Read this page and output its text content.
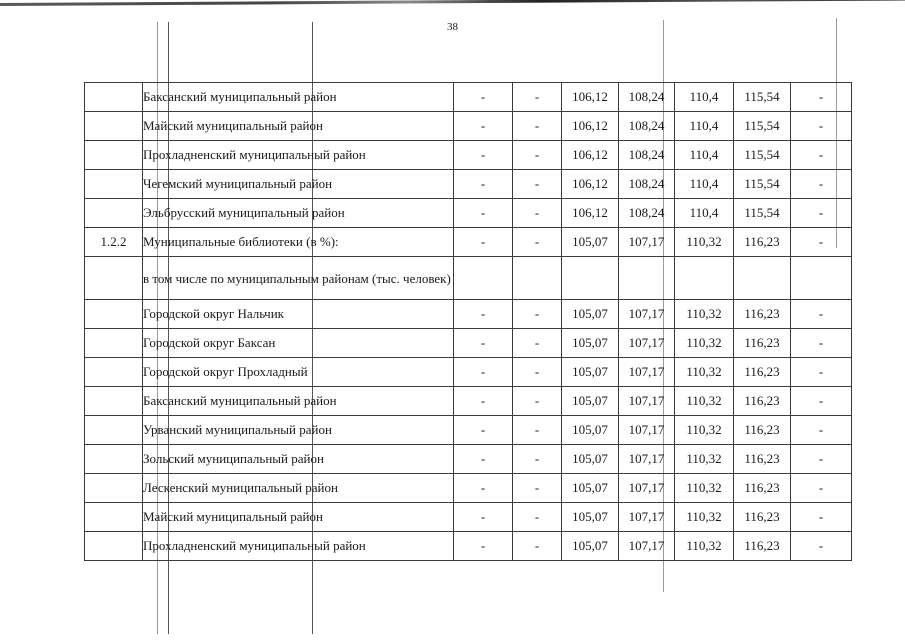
38
	Баксанский муниципальный район	-	-	106,12	108,24	110,4	115,54	-
	Майский муниципальный район	-	-	106,12	108,24	110,4	115,54	-
	Прохладненский муниципальный район	-	-	106,12	108,24	110,4	115,54	-
	Чегемский муниципальный район	-	-	106,12	108,24	110,4	115,54	-
	Эльбрусский муниципальный район	-	-	106,12	108,24	110,4	115,54	-
1.2.2	Муниципальные библиотеки (в %):	-	-	105,07	107,17	110,32	116,23	-
	в том числе по муниципальным районам (тыс. человек)							
	Городской округ Нальчик	-	-	105,07	107,17	110,32	116,23	-
	Городской округ Баксан	-	-	105,07	107,17	110,32	116,23	-
	Городской округ Прохладный	-	-	105,07	107,17	110,32	116,23	-
	Баксанский муниципальный район	-	-	105,07	107,17	110,32	116,23	-
	Урванский муниципальный район	-	-	105,07	107,17	110,32	116,23	-
	Зольский муниципальный район	-	-	105,07	107,17	110,32	116,23	-
	Лескенский муниципальный район	-	-	105,07	107,17	110,32	116,23	-
	Майский муниципальный район	-	-	105,07	107,17	110,32	116,23	-
	Прохладненский муниципальный район	-	-	105,07	107,17	110,32	116,23	-
